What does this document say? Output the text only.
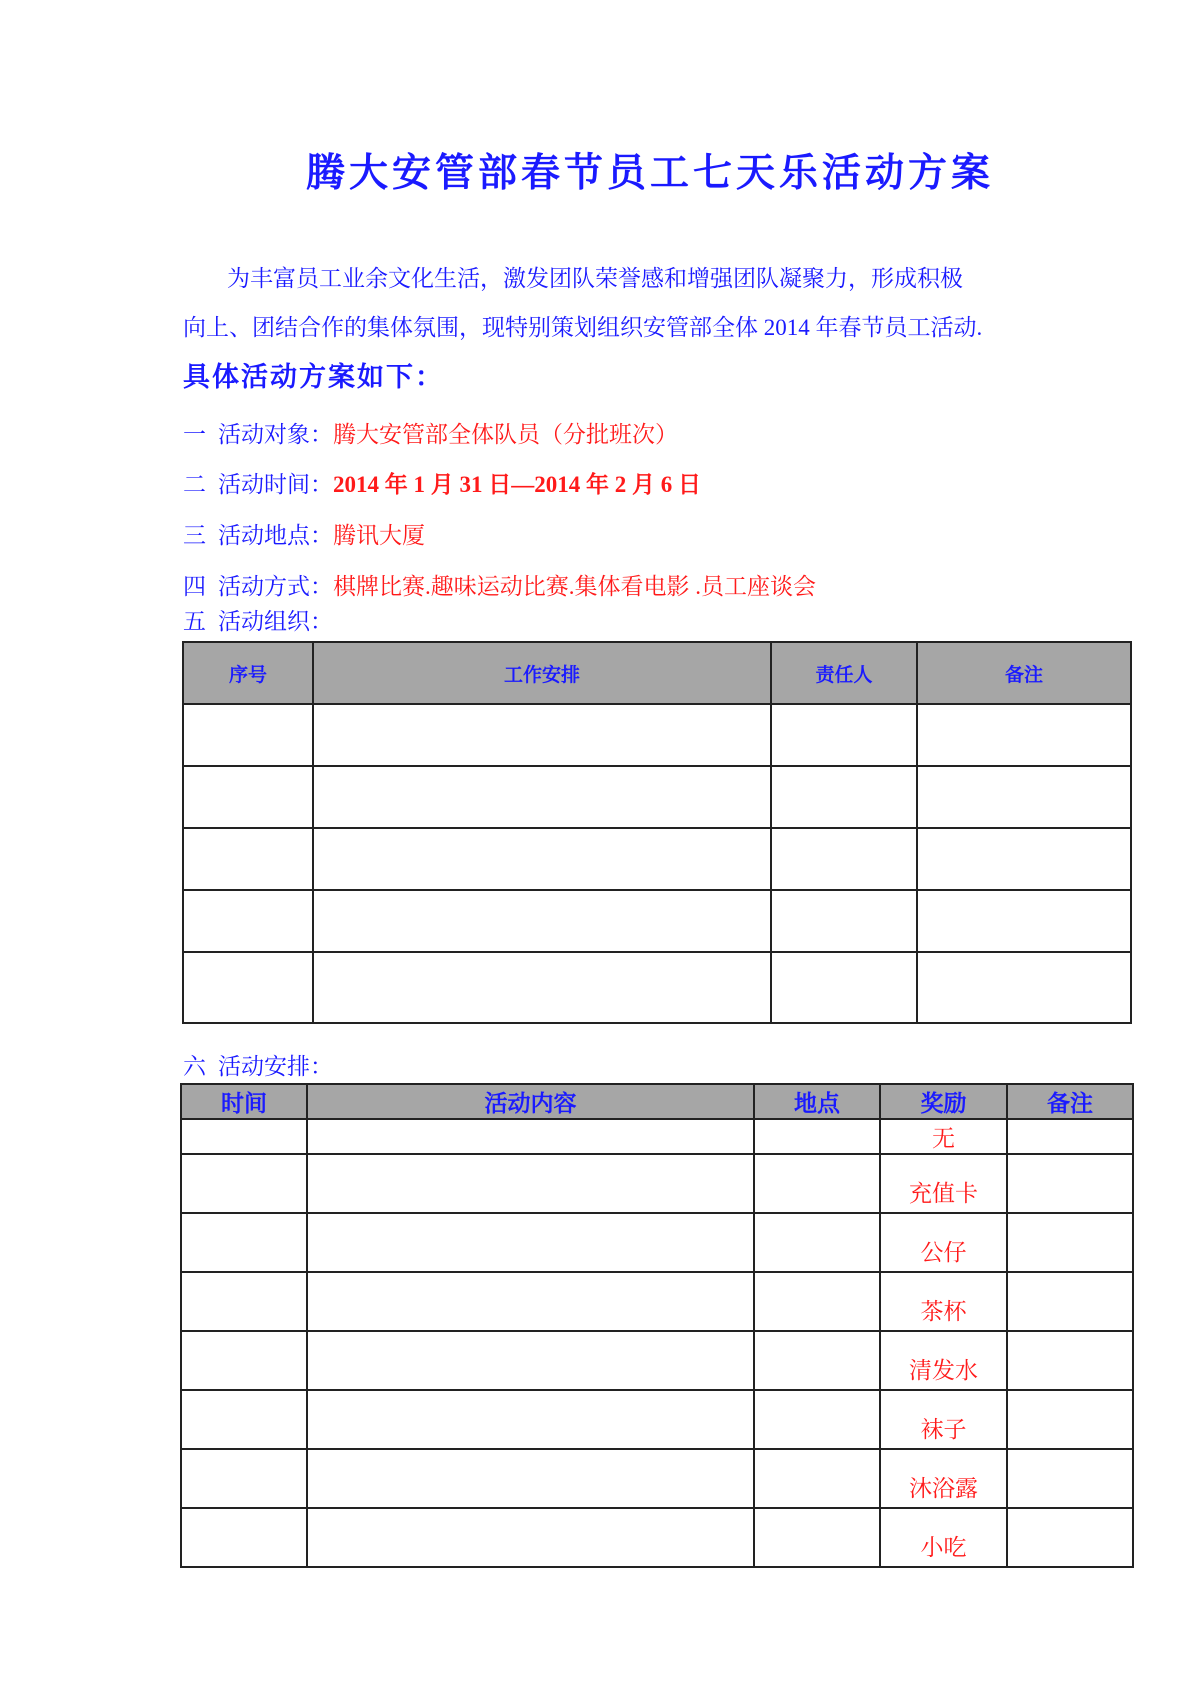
腾大安管部春节员工七天乐活动方案
为丰富员工业余文化生活，激发团队荣誉感和增强团队凝聚力，形成积极
向上、团结合作的集体氛围，现特别策划组织安管部全体 2014 年春节员工活动.
具体活动方案如下：
一 活动对象：腾大安管部全体队员（分批班次）
二 活动时间：2014 年 1 月 31 日—2014 年 2 月 6 日
三 活动地点：腾讯大厦
四 活动方式：棋牌比赛.趣味运动比赛.集体看电影 .员工座谈会
五 活动组织：
序号	工作安排	责任人	备注

六 活动安排：
时间	活动内容	地点	奖励	备注
			无	
			充值卡	
			公仔	
			茶杯	
			清发水	
			袜子	
			沐浴露	
			小吃	
